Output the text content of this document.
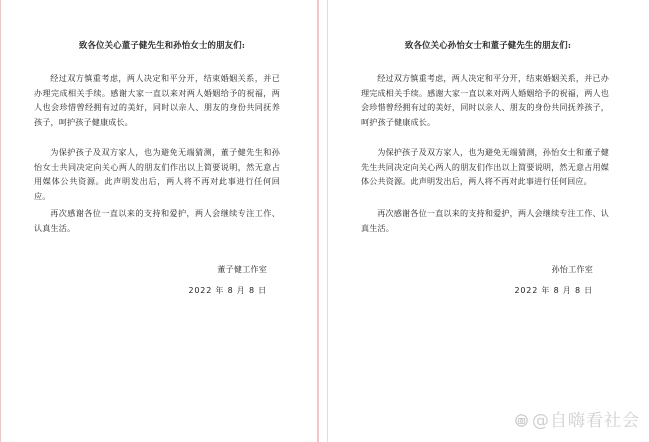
致各位关心董子健先生和孙怡女士的朋友们:

经过双方慎重考虑，两人决定和平分开，结束婚姻关系，并已办理完成相关手续。感谢大家一直以来对两人婚姻给予的祝福，两人也会珍惜曾经拥有过的美好，同时以亲人、朋友的身份共同抚养孩子，呵护孩子健康成长。

为保护孩子及双方家人，也为避免无端猜测，董子健先生和孙怡女士共同决定向关心两人的朋友们作出以上简要说明，然无意占用媒体公共资源。此声明发出后，两人将不再对此事进行任何回应。

再次感谢各位一直以来的支持和爱护，两人会继续专注工作、认真生活。

董子健工作室
2022 年 8 月 8 日
致各位关心孙怡女士和董子健先生的朋友们:

经过双方慎重考虑，两人决定和平分开，结束婚姻关系，并已办理完成相关手续。感谢大家一直以来对两人婚姻给予的祝福，两人也会珍惜曾经拥有过的美好，同时以亲人、朋友的身份共同抚养孩子，呵护孩子健康成长。

为保护孩子及双方家人，也为避免无端猜测，孙怡女士和董子健先生共同决定向关心两人的朋友们作出以上简要说明，然无意占用媒体公共资源。此声明发出后，两人将不再对此事进行任何回应。

再次感谢各位一直以来的支持和爱护，两人会继续专注工作、认真生活。

孙怡工作室
2022 年 8 月 8 日
@自嗨看社会
